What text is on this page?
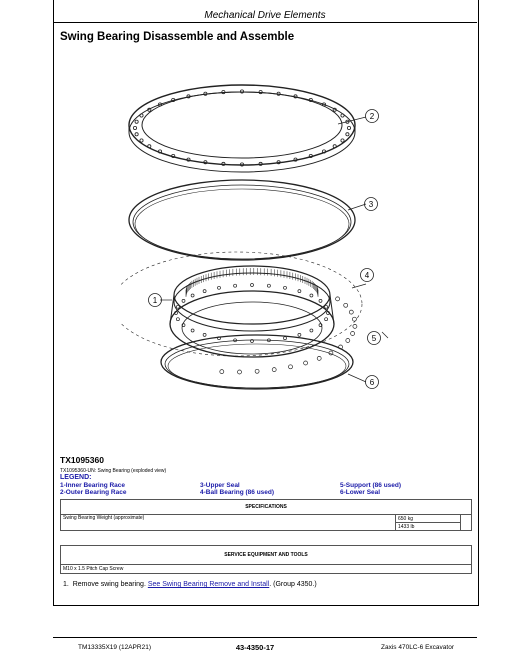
Mechanical Drive Elements
Swing Bearing Disassemble and Assemble
2
3
4
1
5
6
TX1095360
TX1095360-UN: Swing Bearing (exploded view)
LEGEND:
1-Inner Bearing Race
2-Outer Bearing Race
3-Upper Seal
4-Ball Bearing (86 used)
5-Support (86 used)
6-Lower Seal
SPECIFICATIONS
Swing Bearing Weight (approximate)	650 kg	
1433 lb
SERVICE EQUIPMENT AND TOOLS
M10 x 1.5 Pitch Cap Screw
1. Remove swing bearing. See Swing Bearing Remove and Install. (Group 4350.)
TM13335X19 (12APR21)	43-4350-17	Zaxis 470LC-6 Excavator
